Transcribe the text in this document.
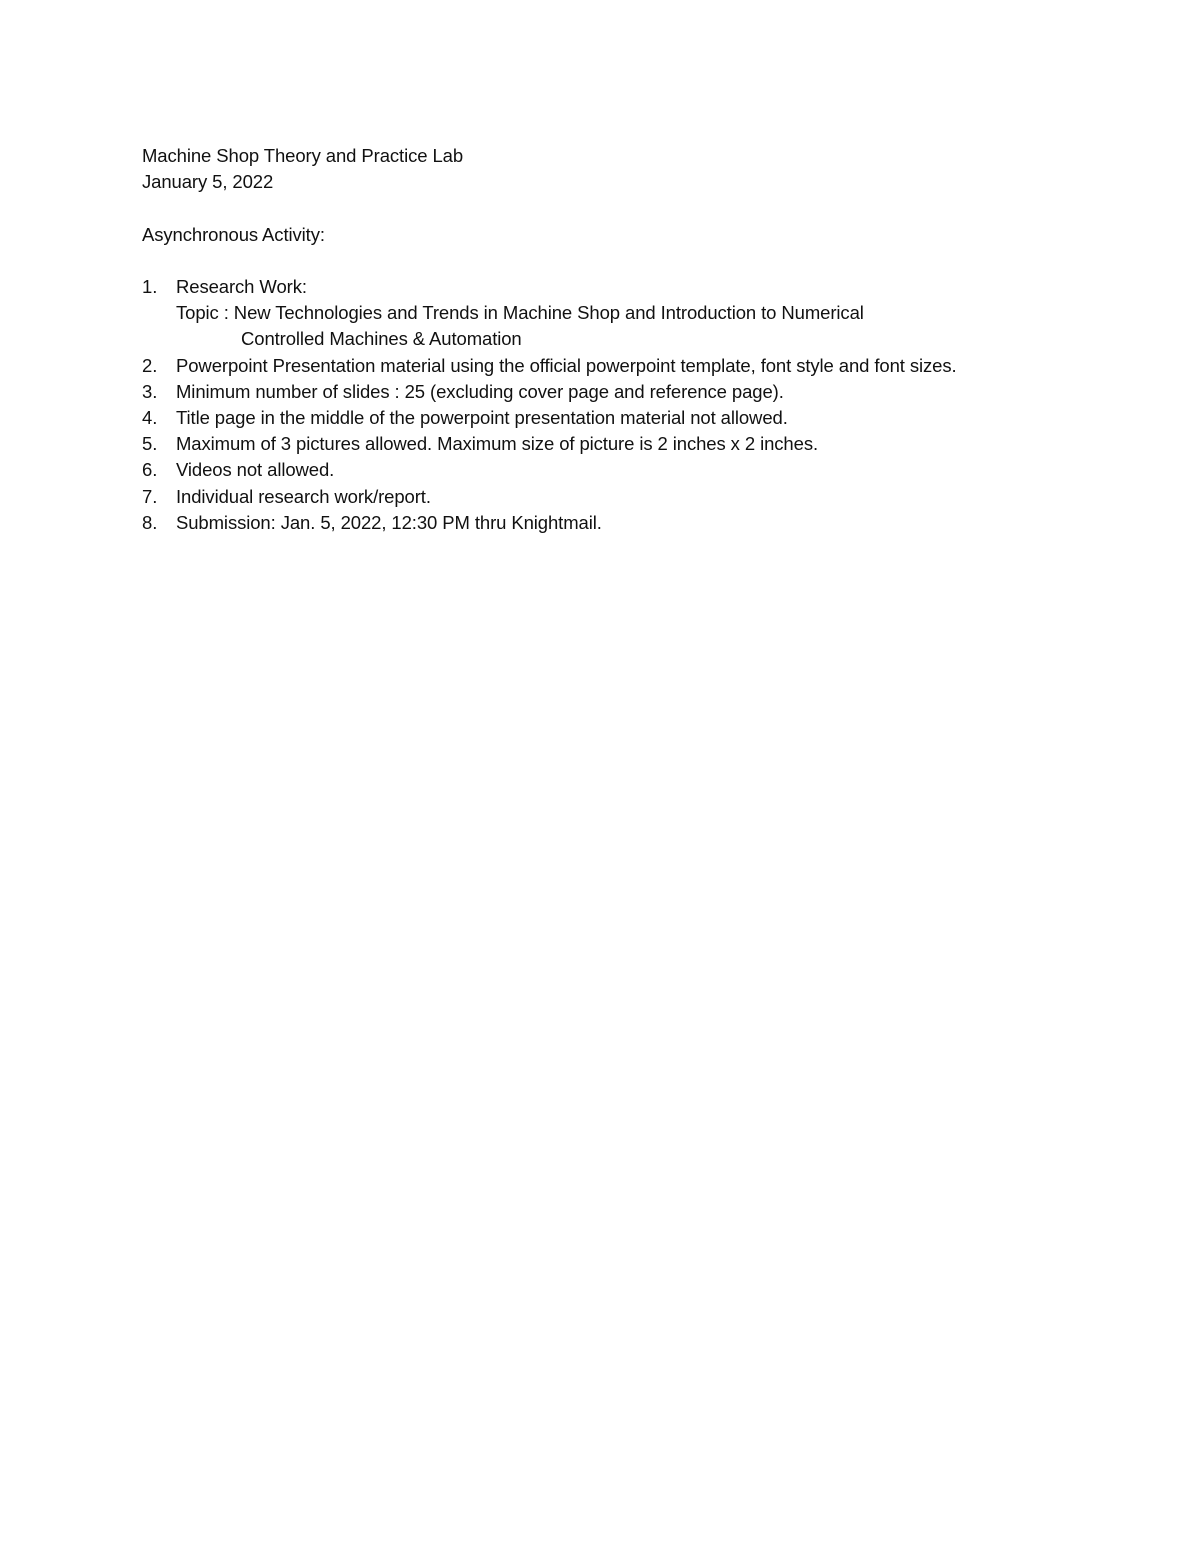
Machine Shop Theory and Practice Lab
January 5, 2022
Asynchronous Activity:
1.	Research Work:
Topic : New Technologies and Trends in Machine Shop and Introduction to Numerical
Controlled Machines & Automation
2.	Powerpoint Presentation material using the official powerpoint template, font style and font sizes.
3.	Minimum number of slides : 25 (excluding cover page and reference page).
4.	Title page in the middle of the powerpoint presentation material not allowed.
5.	Maximum of 3 pictures allowed. Maximum size of picture is 2 inches x 2 inches.
6.	Videos not allowed.
7.	Individual research work/report.
8.	Submission: Jan. 5, 2022, 12:30 PM thru Knightmail.
